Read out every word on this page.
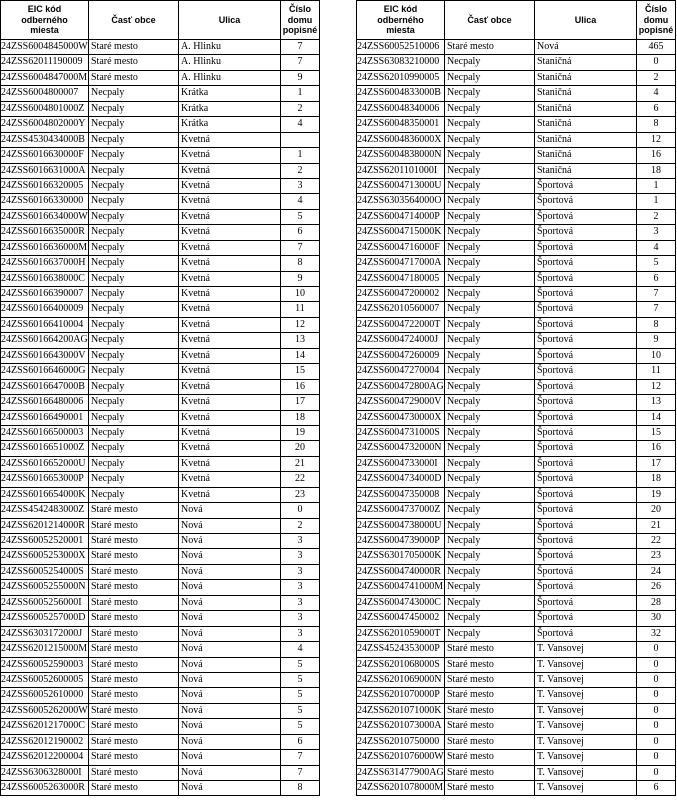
EIC kód
odberného
miesta
Časť obce	Ulica
Číslo
domu
popisné
24ZSS6004845000W Staré mesto	A. Hlinku	7
24ZSS62011190009 Staré mesto	A. Hlinku	7
24ZSS6004847000M Staré mesto	A. Hlinku	9
24ZSS6004800007	Necpaly	Krátka	1
24ZSS6004801000Z Necpaly	Krátka	2
24ZSS6004802000Y Necpaly	Krátka	4
24ZSS4530434000B Necpaly	Kvetná
24ZSS6016630000F Necpaly	Kvetná	1
24ZSS6016631000A Necpaly	Kvetná	2
24ZSS60166320005 Necpaly	Kvetná	3
24ZSS60166330000 Necpaly	Kvetná	4
24ZSS6016634000W Necpaly	Kvetná	5
24ZSS6016635000R Necpaly	Kvetná	6
24ZSS6016636000M Necpaly	Kvetná	7
24ZSS6016637000H Necpaly	Kvetná	8
24ZSS6016638000C Necpaly	Kvetná	9
24ZSS60166390007 Necpaly	Kvetná	10
24ZSS60166400009 Necpaly	Kvetná	11
24ZSS60166410004 Necpaly	Kvetná	12
24ZSS601664200AG Necpaly	Kvetná	13
24ZSS6016643000V Necpaly	Kvetná	14
24ZSS6016646000G Necpaly	Kvetná	15
24ZSS6016647000B Necpaly	Kvetná	16
24ZSS60166480006 Necpaly	Kvetná	17
24ZSS60166490001 Necpaly	Kvetná	18
24ZSS60166500003 Necpaly	Kvetná	19
24ZSS6016651000Z Necpaly	Kvetná	20
24ZSS6016652000U Necpaly	Kvetná	21
24ZSS6016653000P Necpaly	Kvetná	22
24ZSS6016654000K Necpaly	Kvetná	23
24ZSS4542483000Z Staré mesto	Nová	0
24ZSS6201214000R Staré mesto	Nová	2
24ZSS60052520001 Staré mesto	Nová	3
24ZSS6005253000X Staré mesto	Nová	3
24ZSS6005254000S Staré mesto	Nová	3
24ZSS6005255000N Staré mesto	Nová	3
24ZSS6005256000I Staré mesto	Nová	3
24ZSS6005257000D Staré mesto	Nová	3
24ZSS6303172000J Staré mesto	Nová	3
24ZSS6201215000M Staré mesto	Nová	4
24ZSS60052590003 Staré mesto	Nová	5
24ZSS60052600005 Staré mesto	Nová	5
24ZSS60052610000 Staré mesto	Nová	5
24ZSS6005262000W Staré mesto	Nová	5
24ZSS6201217000C Staré mesto	Nová	5
24ZSS62012190002 Staré mesto	Nová	6
24ZSS62012200004 Staré mesto	Nová	7
24ZSS6306328000I Staré mesto	Nová	7
24ZSS6005263000R Staré mesto	Nová	8
EIC kód
odberného
miesta
Časť obce	Ulica
Číslo
domu
popisné
24ZSS60052510006 Staré mesto	Nová	465
24ZSS63083210000 Necpaly	Staničná	0
24ZSS62010990005 Necpaly	Staničná	2
24ZSS6004833000B Necpaly	Staničná	4
24ZSS60048340006 Necpaly	Staničná	6
24ZSS60048350001 Necpaly	Staničná	8
24ZSS6004836000X Necpaly	Staničná	12
24ZSS6004838000N Necpaly	Staničná	16
24ZSS6201101000I Necpaly	Staničná	18
24ZSS6004713000U Necpaly	Športová	1
24ZSS6303564000O Necpaly	Športová	1
24ZSS6004714000P Necpaly	Športová	2
24ZSS6004715000K Necpaly	Športová	3
24ZSS6004716000F Necpaly	Športová	4
24ZSS6004717000A Necpaly	Športová	5
24ZSS60047180005 Necpaly	Športová	6
24ZSS60047200002 Necpaly	Športová	7
24ZSS62010560007 Necpaly	Športová	7
24ZSS6004722000T Necpaly	Športová	8
24ZSS6004724000J Necpaly	Športová	9
24ZSS60047260009 Necpaly	Športová	10
24ZSS60047270004 Necpaly	Športová	11
24ZSS600472800AG Necpaly	Športová	12
24ZSS6004729000V Necpaly	Športová	13
24ZSS6004730000X Necpaly	Športová	14
24ZSS6004731000S Necpaly	Športová	15
24ZSS6004732000N Necpaly	Športová	16
24ZSS6004733000I Necpaly	Športová	17
24ZSS6004734000D Necpaly	Športová	18
24ZSS60047350008 Necpaly	Športová	19
24ZSS6004737000Z Necpaly	Športová	20
24ZSS6004738000U Necpaly	Športová	21
24ZSS6004739000P Necpaly	Športová	22
24ZSS6301705000K Necpaly	Športová	23
24ZSS6004740000R Necpaly	Športová	24
24ZSS6004741000M Necpaly	Športová	26
24ZSS6004743000C Necpaly	Športová	28
24ZSS60047450002 Necpaly	Športová	30
24ZSS6201059000T Necpaly	Športová	32
24ZSS4524353000P Staré mesto	T. Vansovej	0
24ZSS6201068000S Staré mesto	T. Vansovej	0
24ZSS6201069000N Staré mesto	T. Vansovej	0
24ZSS6201070000P Staré mesto	T. Vansovej	0
24ZSS6201071000K Staré mesto	T. Vansovej	0
24ZSS6201073000A Staré mesto	T. Vansovej	0
24ZSS62010750000 Staré mesto	T. Vansovej	0
24ZSS6201076000W Staré mesto	T. Vansovej	0
24ZSS631477900AG Staré mesto	T. Vansovej	0
24ZSS6201078000M Staré mesto	T. Vansovej	6
